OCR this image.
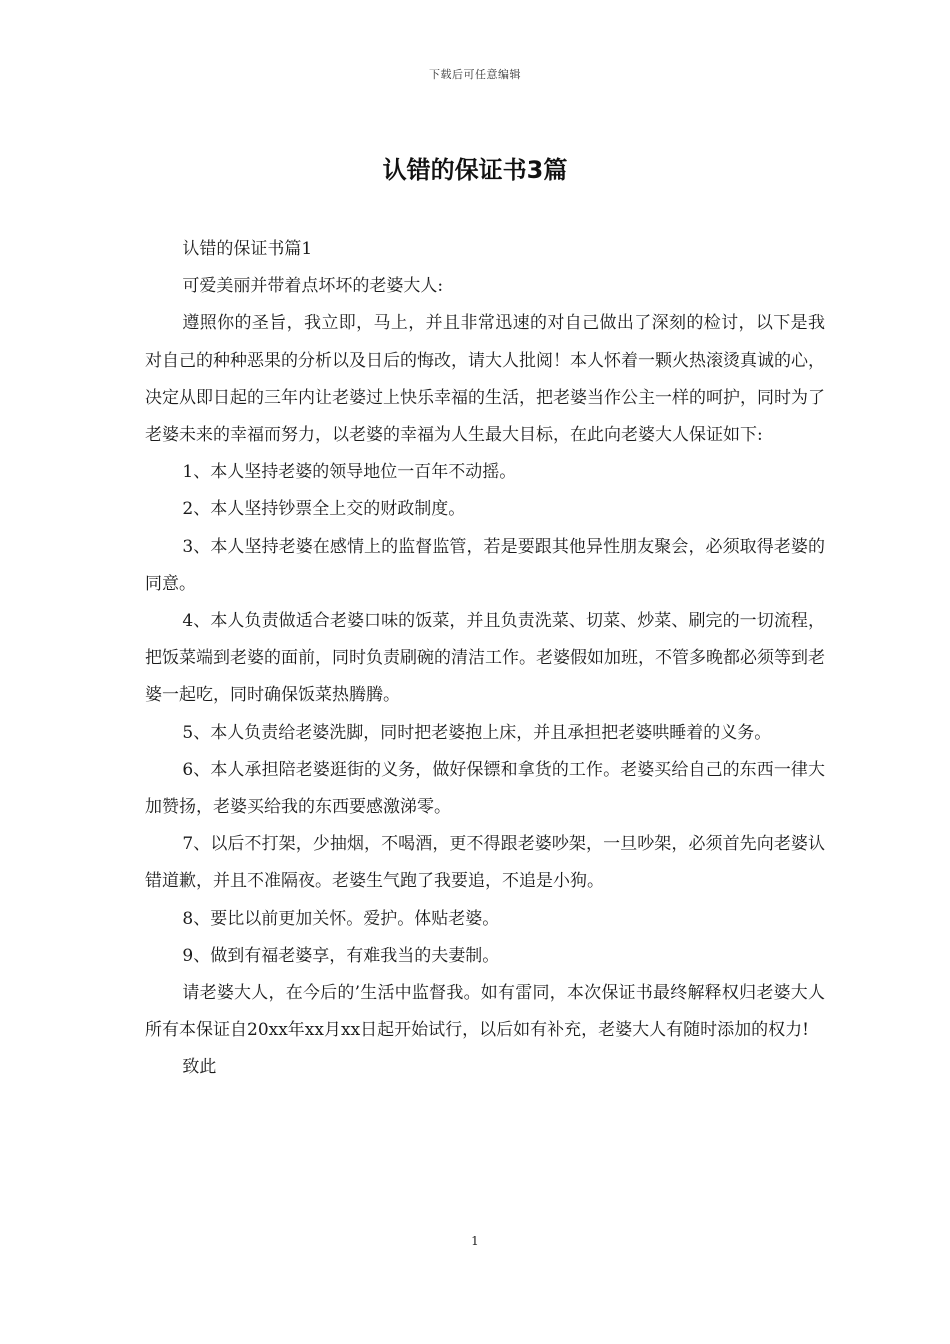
下载后可任意编辑
认错的保证书3篇

认错的保证书篇1

可爱美丽并带着点坏坏的老婆大人:

遵照你的圣旨，我立即，马上，并且非常迅速的对自己做出了深刻的检讨，以下是我对自己的种种恶果的分析以及日后的悔改，请大人批阅！本人怀着一颗火热滚烫真诚的心，决定从即日起的三年内让老婆过上快乐幸福的生活，把老婆当作公主一样的呵护，同时为了老婆未来的幸福而努力，以老婆的幸福为人生最大目标，在此向老婆大人保证如下:

1、本人坚持老婆的领导地位一百年不动摇。

2、本人坚持钞票全上交的财政制度。

3、本人坚持老婆在感情上的监督监管，若是要跟其他异性朋友聚会，必须取得老婆的同意。

4、本人负责做适合老婆口味的饭菜，并且负责洗菜、切菜、炒菜、刷完的一切流程，把饭菜端到老婆的面前，同时负责刷碗的清洁工作。老婆假如加班，不管多晚都必须等到老婆一起吃，同时确保饭菜热腾腾。

5、本人负责给老婆洗脚，同时把老婆抱上床，并且承担把老婆哄睡着的义务。

6、本人承担陪老婆逛街的义务，做好保镖和拿货的工作。老婆买给自己的东西一律大加赞扬，老婆买给我的东西要感激涕零。

7、以后不打架，少抽烟，不喝酒，更不得跟老婆吵架，一旦吵架，必须首先向老婆认错道歉，并且不准隔夜。老婆生气跑了我要追，不追是小狗。

8、要比以前更加关怀。爱护。体贴老婆。

9、做到有福老婆享，有难我当的夫妻制。

请老婆大人，在今后的’生活中监督我。如有雷同，本次保证书最终解释权归老婆大人所有本保证自20xx年xx月xx日起开始试行，以后如有补充，老婆大人有随时添加的权力!

致此

1
